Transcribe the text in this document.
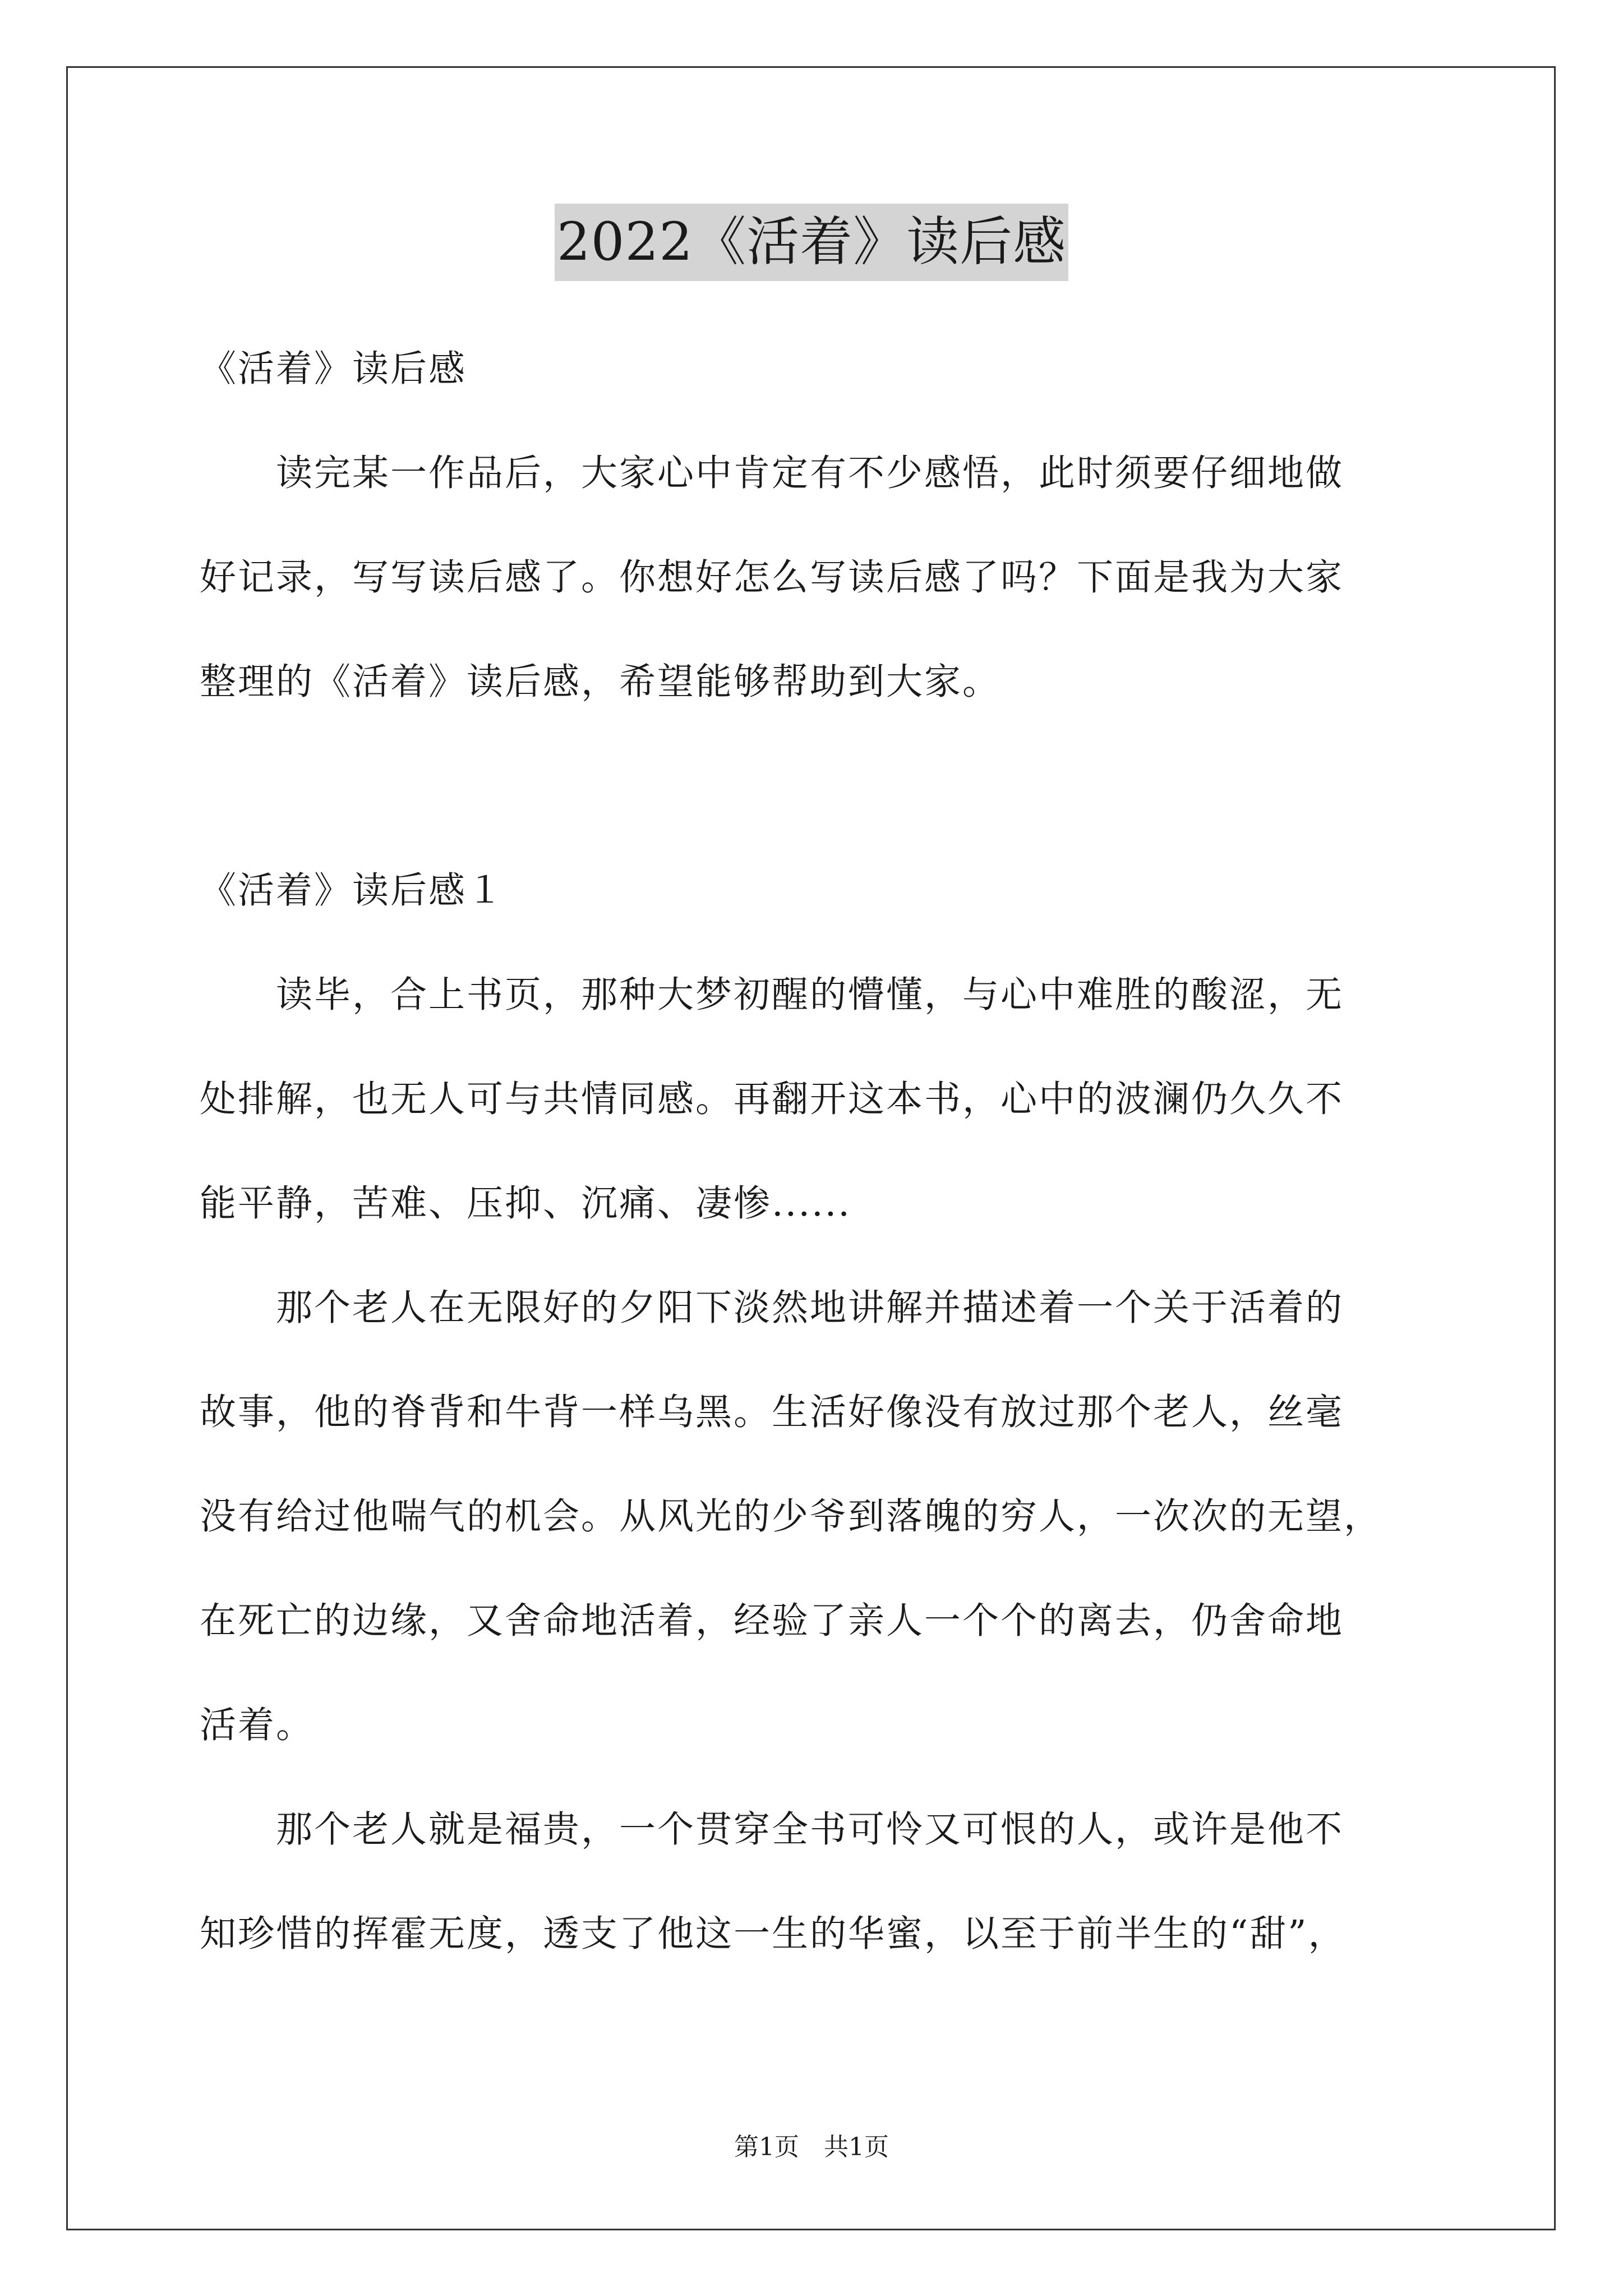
2022《活着》读后感
《活着》读后感
读完某一作品后，大家心中肯定有不少感悟，此时须要仔细地做
好记录，写写读后感了。你想好怎么写读后感了吗？下面是我为大家
整理的《活着》读后感，希望能够帮助到大家。
《活着》读后感１
读毕，合上书页，那种大梦初醒的懵懂，与心中难胜的酸涩，无
处排解，也无人可与共情同感。再翻开这本书，心中的波澜仍久久不
能平静，苦难、压抑、沉痛、凄惨......
那个老人在无限好的夕阳下淡然地讲解并描述着一个关于活着的
故事，他的脊背和牛背一样乌黑。生活好像没有放过那个老人，丝毫
没有给过他喘气的机会。从风光的少爷到落魄的穷人，一次次的无望，
在死亡的边缘，又舍命地活着，经验了亲人一个个的离去，仍舍命地
活着。
那个老人就是福贵，一个贯穿全书可怜又可恨的人，或许是他不
知珍惜的挥霍无度，透支了他这一生的华蜜，以至于前半生的“甜”，
第1页　共1页
